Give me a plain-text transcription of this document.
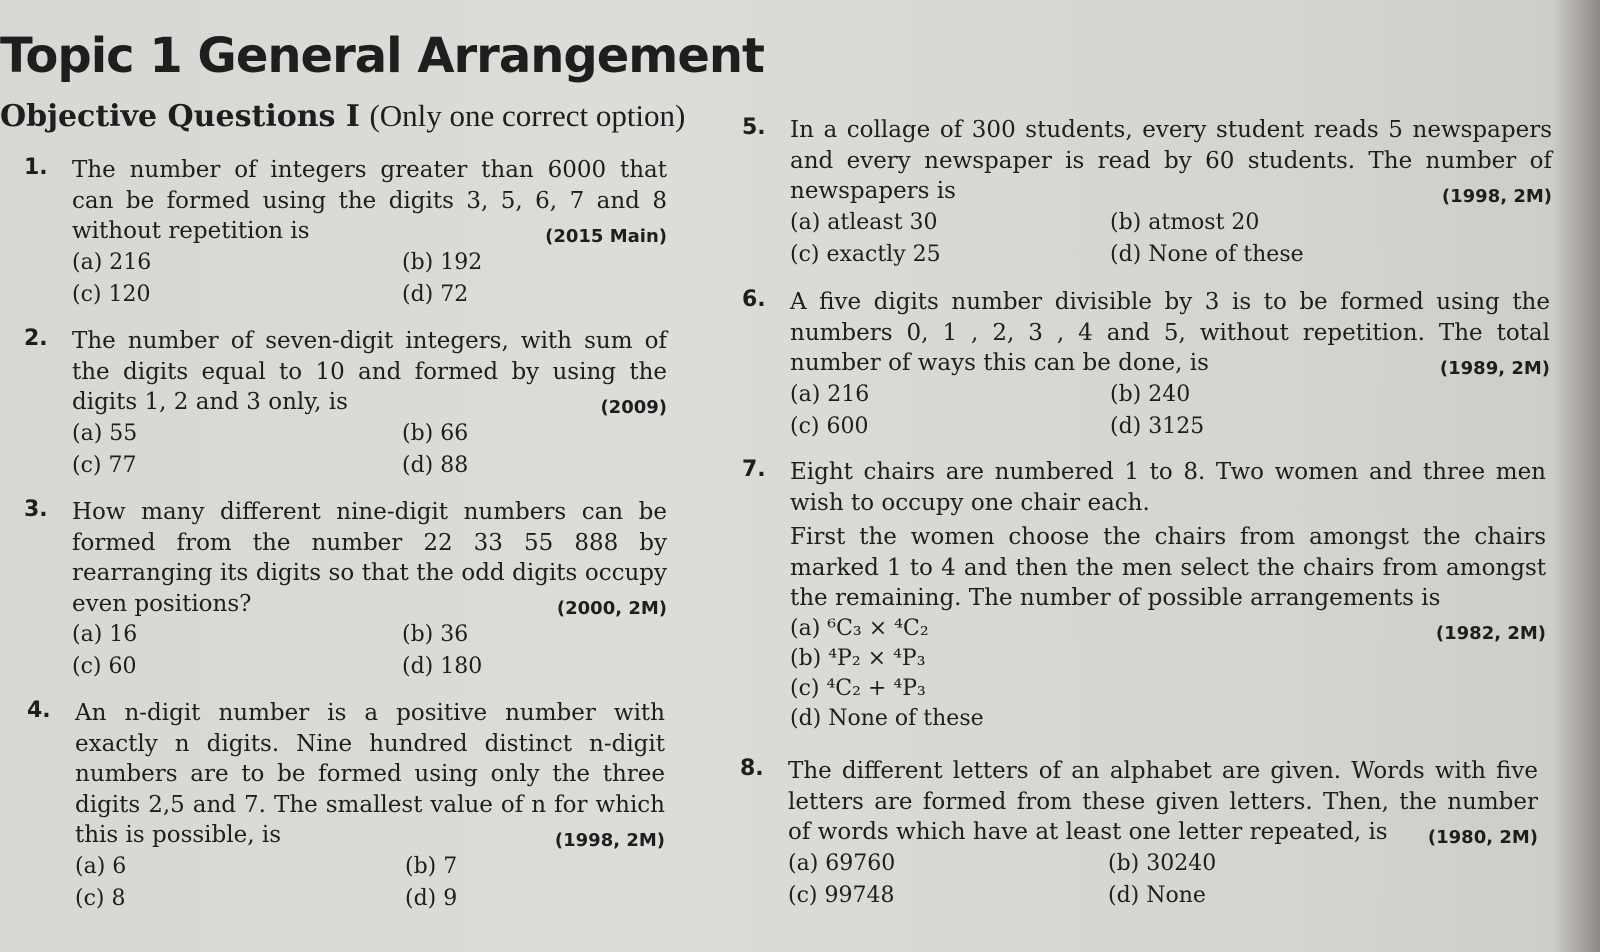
Topic 1 General Arrangement
Objective Questions I (Only one correct option)
1. The number of integers greater than 6000 that can be formed using the digits 3, 5, 6, 7 and 8 without repetition is	(2015 Main)
(a) 216	(b) 192
(c) 120	(d) 72
2. The number of seven-digit integers, with sum of the digits equal to 10 and formed by using the digits 1, 2 and 3 only, is	(2009)
(a) 55	(b) 66
(c) 77	(d) 88
3. How many different nine-digit numbers can be formed from the number 22 33 55 888 by rearranging its digits so that the odd digits occupy even positions?	(2000, 2M)
(a) 16	(b) 36
(c) 60	(d) 180
4. An n-digit number is a positive number with exactly n digits. Nine hundred distinct n-digit numbers are to be formed using only the three digits 2,5 and 7. The smallest value of n for which this is possible, is	(1998, 2M)
(a) 6	(b) 7
(c) 8	(d) 9
5. In a collage of 300 students, every student reads 5 newspapers and every newspaper is read by 60 students. The number of newspapers is	(1998, 2M)
(a) atleast 30	(b) atmost 20
(c) exactly 25	(d) None of these
6. A five digits number divisible by 3 is to be formed using the numbers 0, 1 , 2, 3 , 4 and 5, without repetition. The total number of ways this can be done, is	(1989, 2M)
(a) 216	(b) 240
(c) 600	(d) 3125
7. Eight chairs are numbered 1 to 8. Two women and three men wish to occupy one chair each.
First the women choose the chairs from amongst the chairs marked 1 to 4 and then the men select the chairs from amongst the remaining. The number of possible arrangements is
(a) ⁶C₃ × ⁴C₂	(1982, 2M)
(b) ⁴P₂ × ⁴P₃
(c) ⁴C₂ + ⁴P₃
(d) None of these
8. The different letters of an alphabet are given. Words with five letters are formed from these given letters. Then, the number of words which have at least one letter repeated, is (1980, 2M)
(a) 69760	(b) 30240
(c) 99748	(d) None
